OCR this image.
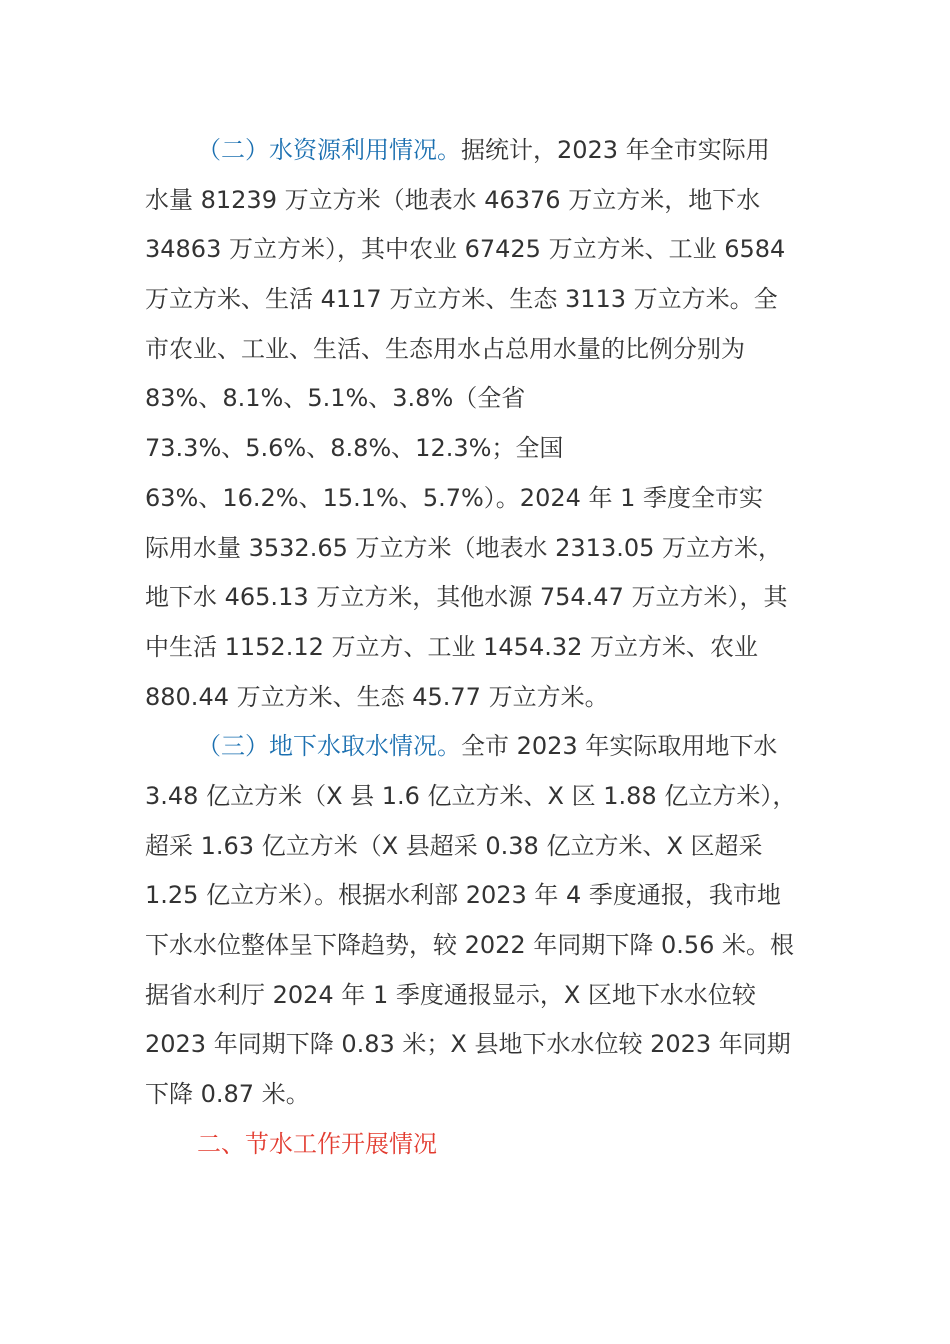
（二）水资源利用情况。据统计，2023 年全市实际用
水量 81239 万立方米（地表水 46376 万立方米，地下水
34863 万立方米），其中农业 67425 万立方米、工业 6584
万立方米、生活 4117 万立方米、生态 3113 万立方米。全
市农业、工业、生活、生态用水占总用水量的比例分别为
83%、8.1%、5.1%、3.8%（全省
73.3%、5.6%、8.8%、12.3%；全国
63%、16.2%、15.1%、5.7%）。2024 年 1 季度全市实
际用水量 3532.65 万立方米（地表水 2313.05 万立方米，
地下水 465.13 万立方米，其他水源 754.47 万立方米），其
中生活 1152.12 万立方、工业 1454.32 万立方米、农业
880.44 万立方米、生态 45.77 万立方米。
（三）地下水取水情况。全市 2023 年实际取用地下水
3.48 亿立方米（X 县 1.6 亿立方米、X 区 1.88 亿立方米），
超采 1.63 亿立方米（X 县超采 0.38 亿立方米、X 区超采
1.25 亿立方米）。根据水利部 2023 年 4 季度通报，我市地
下水水位整体呈下降趋势，较 2022 年同期下降 0.56 米。根
据省水利厅 2024 年 1 季度通报显示，X 区地下水水位较
2023 年同期下降 0.83 米；X 县地下水水位较 2023 年同期
下降 0.87 米。
二、节水工作开展情况
